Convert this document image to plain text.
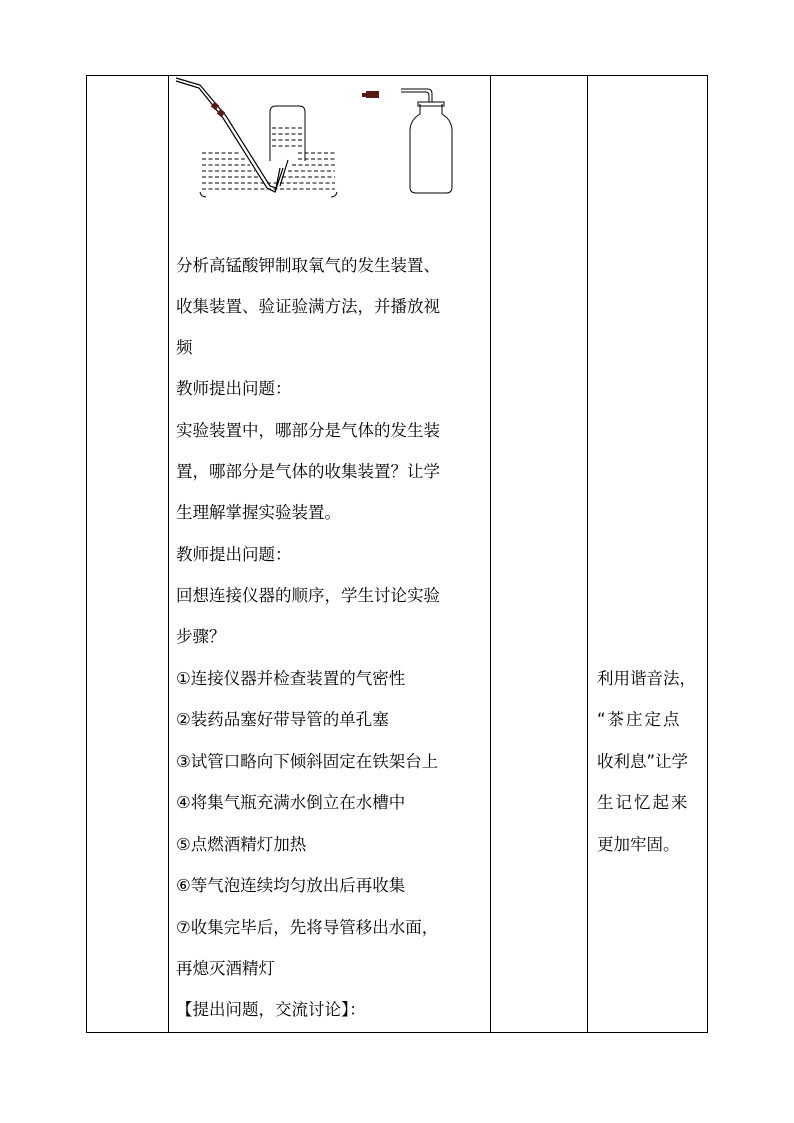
分析高锰酸钾制取氧气的发生装置、
收集装置、验证验满方法，并播放视
频
教师提出问题：
实验装置中，哪部分是气体的发生装
置，哪部分是气体的收集装置？让学
生理解掌握实验装置。
教师提出问题：
回想连接仪器的顺序，学生讨论实验
步骤？
①连接仪器并检查装置的气密性
②装药品塞好带导管的单孔塞
③试管口略向下倾斜固定在铁架台上
④将集气瓶充满水倒立在水槽中
⑤点燃酒精灯加热
⑥等气泡连续均匀放出后再收集
⑦收集完毕后，先将导管移出水面，
再熄灭酒精灯
【提出问题，交流讨论】：
利用谐音法，
“茶庄定点
收利息”让学
生记忆起来
更加牢固。
